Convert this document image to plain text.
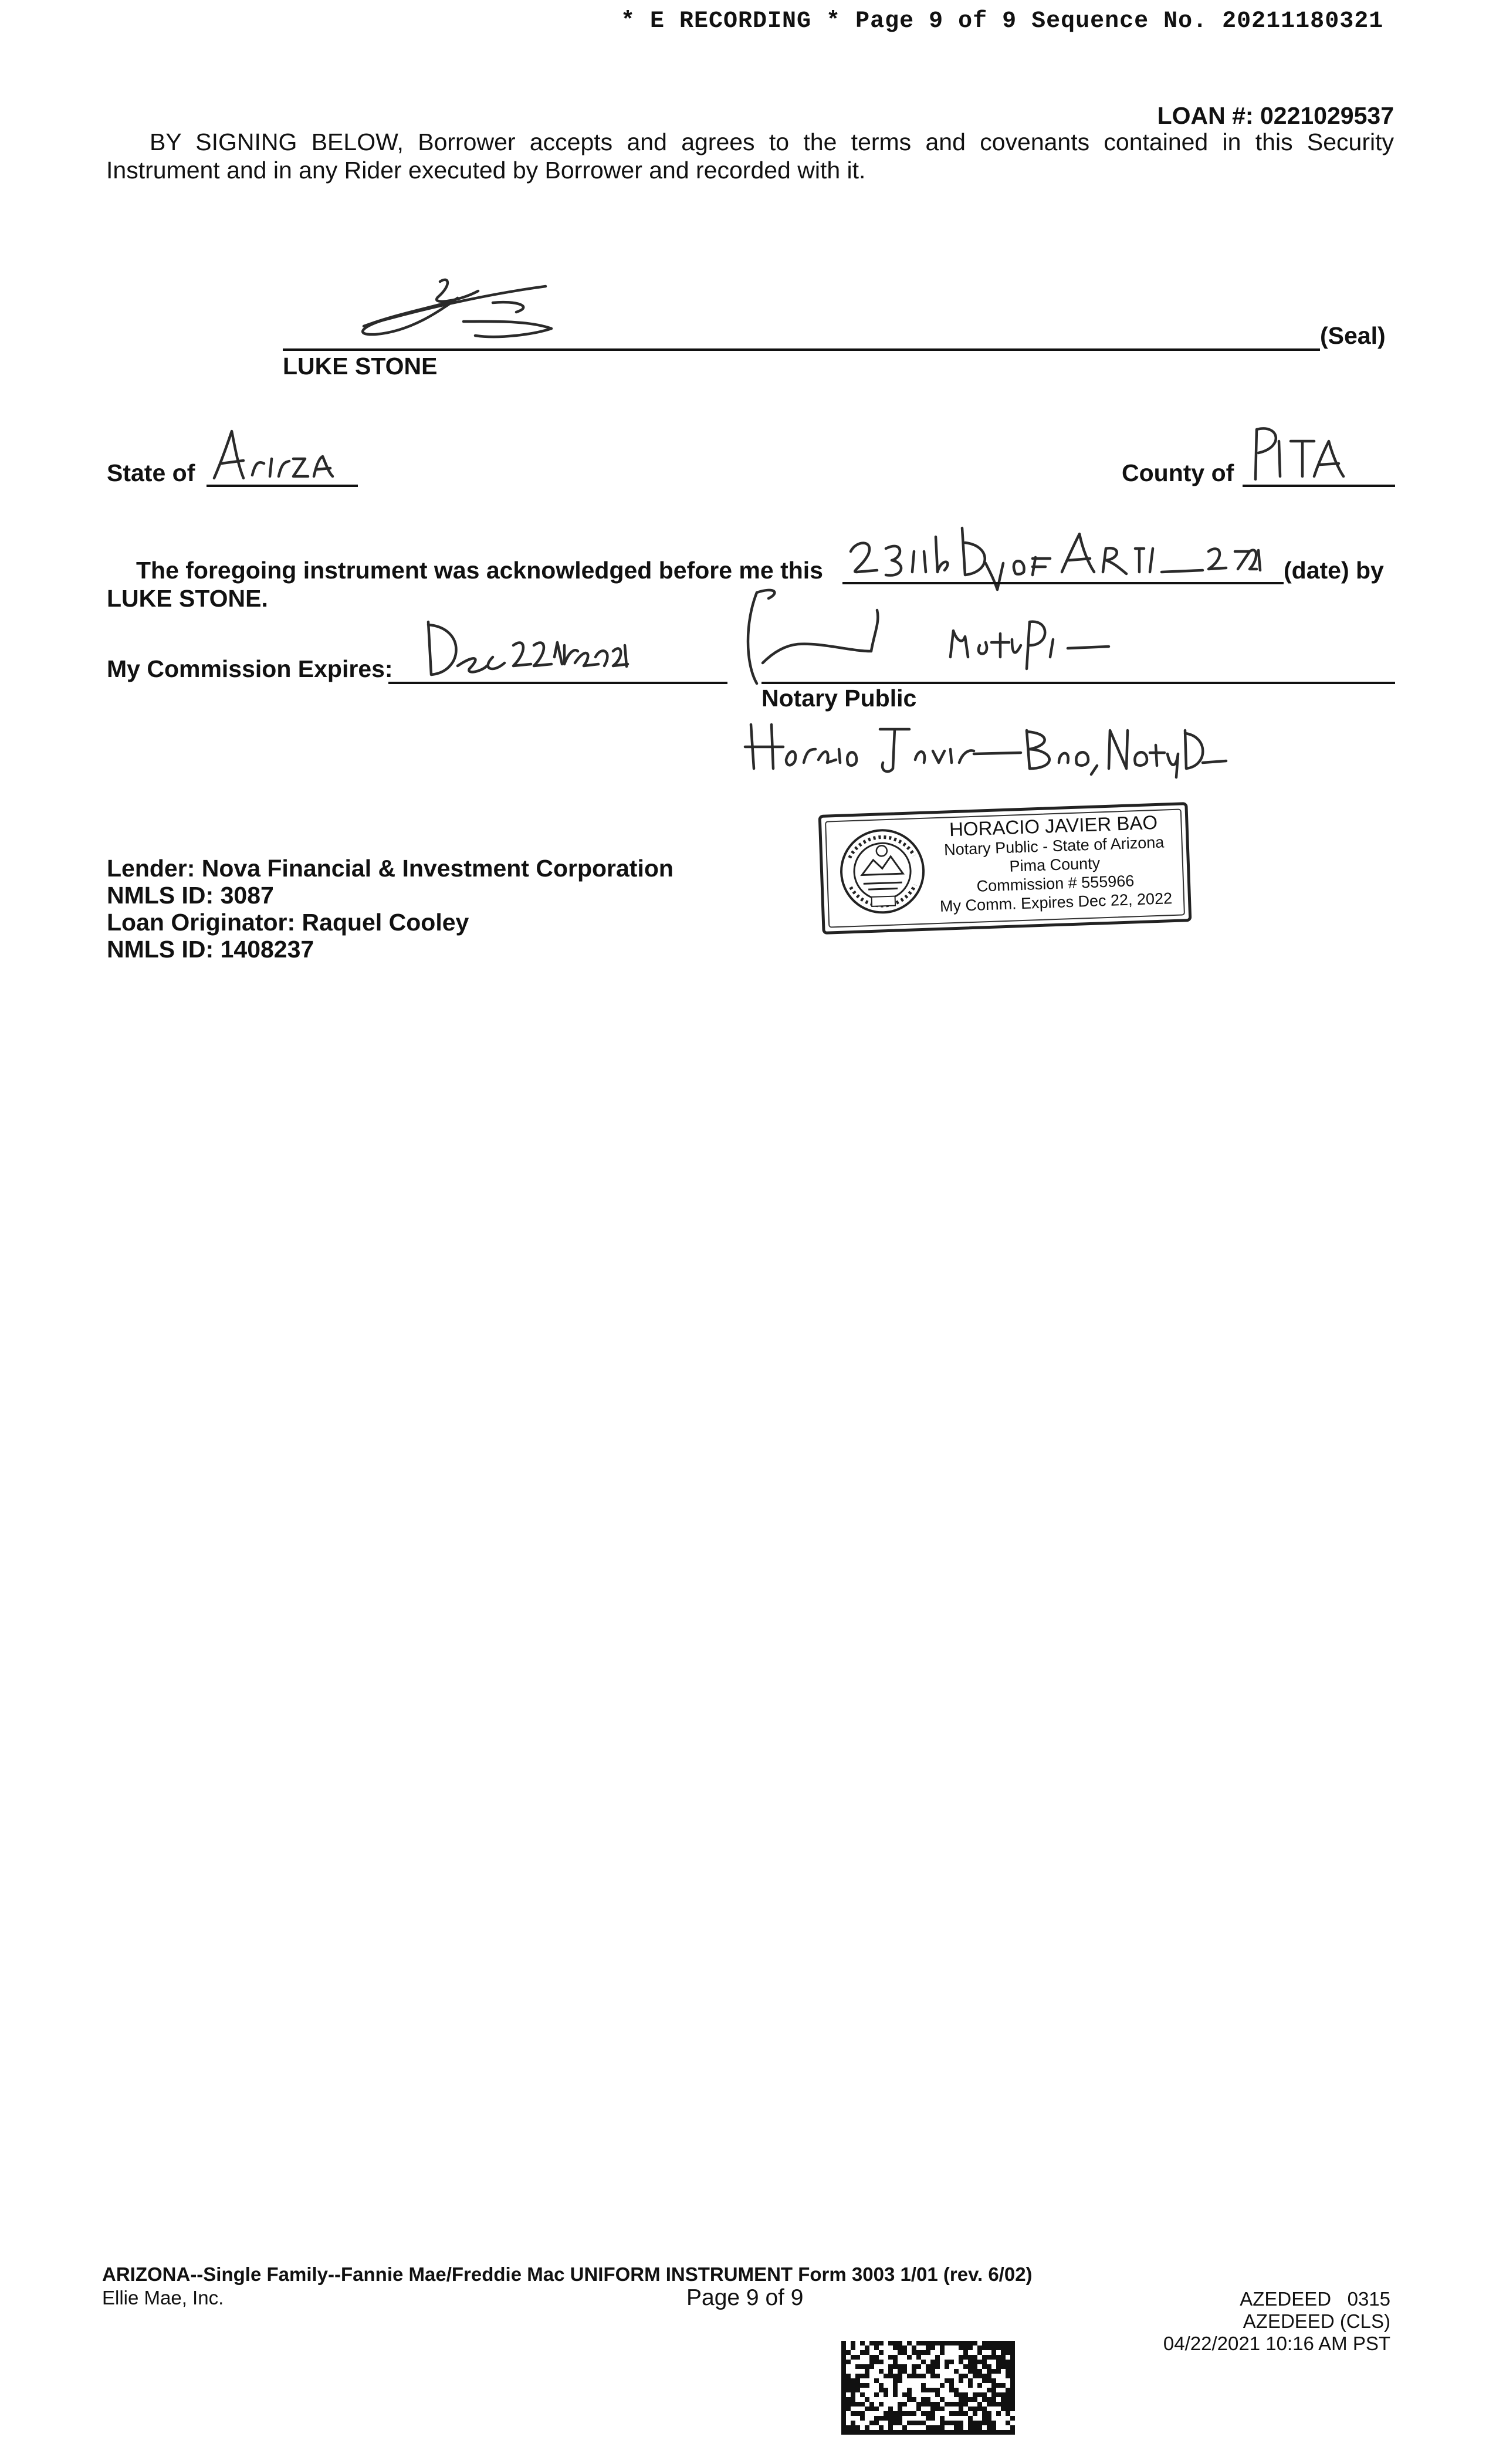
* E RECORDING * Page 9 of 9 Sequence No. 20211180321
LOAN #: 0221029537
BY SIGNING BELOW, Borrower accepts and agrees to the terms and covenants contained in this Security
Instrument and in any Rider executed by Borrower and recorded with it.
(Seal)
LUKE STONE
State of	County of
The foregoing instrument was acknowledged before me this	(date) by
LUKE STONE.
My Commission Expires:
Notary Public
HORACIO JAVIER BAO
Notary Public - State of Arizona
Pima County
Commission # 555966
My Comm. Expires Dec 22, 2022
Lender: Nova Financial & Investment Corporation
NMLS ID: 3087
Loan Originator: Raquel Cooley
NMLS ID: 1408237
ARIZONA--Single Family--Fannie Mae/Freddie Mac UNIFORM INSTRUMENT Form 3003 1/01 (rev. 6/02)
Ellie Mae, Inc.	Page 9 of 9	AZEDEED   0315
AZEDEED (CLS)
04/22/2021 10:16 AM PST
